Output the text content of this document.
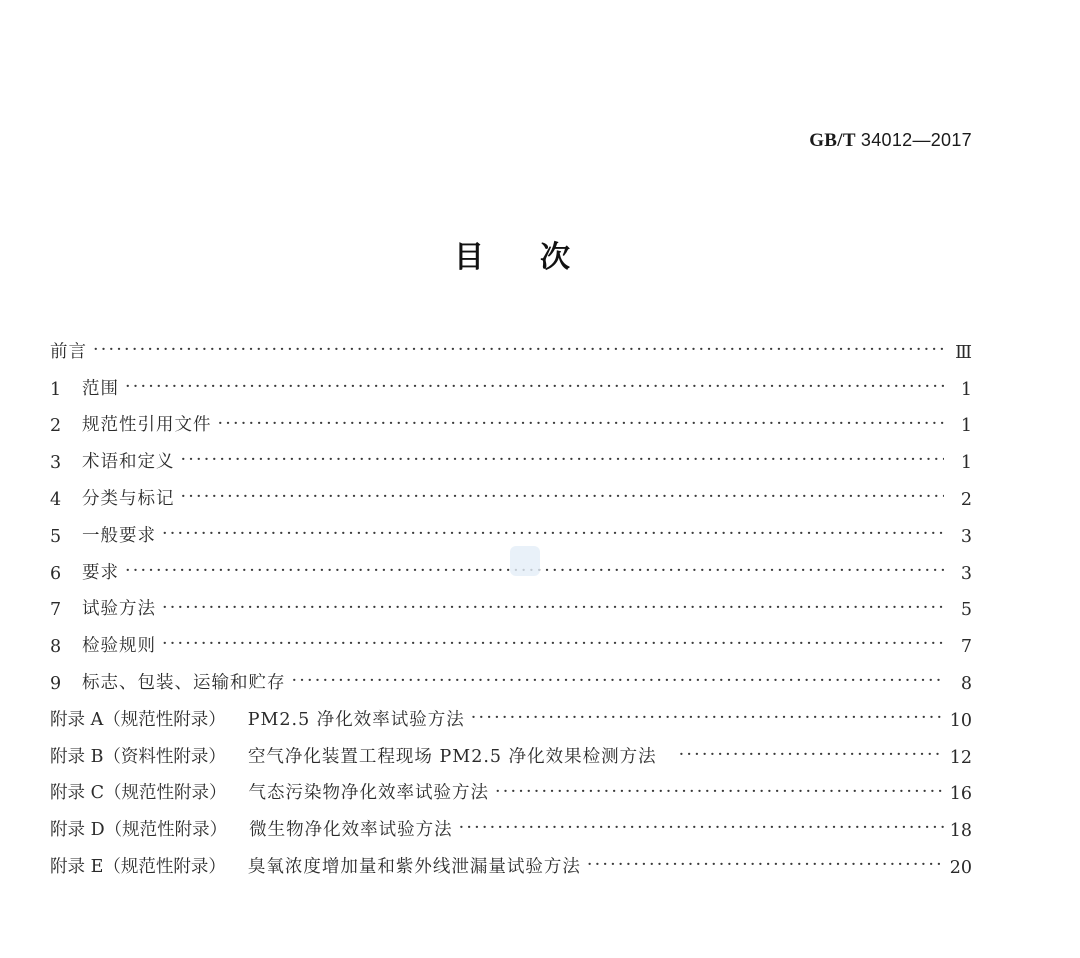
GB/T 34012—2017
目次
前言 ·····	Ⅲ
1	范围 ·····	1
2	规范性引用文件 ·····	1
3	术语和定义 ·····	1
4	分类与标记 ·····	2
5	一般要求 ·····	3
6	要求 ·····	3
7	试验方法 ·····	5
8	检验规则 ·····	7
9	标志、包装、运输和贮存 ·····	8
附录 A（规范性附录） PM2.5 净化效率试验方法 ·····	10
附录 B（资料性附录） 空气净化装置工程现场 PM2.5 净化效果检测方法 ·····	12
附录 C（规范性附录） 气态污染物净化效率试验方法 ·····	16
附录 D（规范性附录） 微生物净化效率试验方法 ·····	18
附录 E（规范性附录） 臭氧浓度增加量和紫外线泄漏量试验方法 ·····	20
